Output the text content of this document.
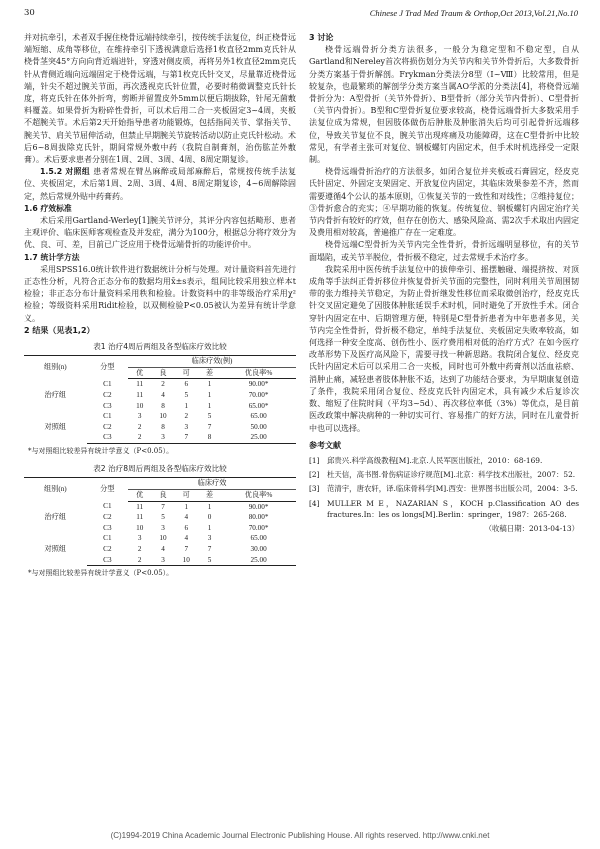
30	Chinese J Trad Med Traum & Orthop,Oct 2013,Vol.21,No.10

并对抗牵引，术者双手握住桡骨远端持续牵引，按传统手法复位，纠正桡骨远端短缩、成角等移位，在维持牵引下透视满意后选择1枚直径2mm克氏针从桡骨茎突45°方向向背近端进针，穿透对侧皮质，再将另外1枚直径2mm克氏针从背侧近端向远端固定于桡骨远端，与第1枚克氏针交叉，尽量靠近桡骨远端，针尖不超过腕关节面，再次透视克氏针位置，必要时稍微调整克氏针长度，将克氏针在体外折弯，剪断并留置皮外5mm以便后期拔除，针尾无菌敷料覆盖。如果骨折为粉碎性骨折，可以术后用二合一夹板固定3~4周，夹板不超腕关节。术后第2天开始指导患者功能锻炼，包括指间关节、掌指关节、腕关节、肩关节屈伸活动，但禁止早期腕关节旋转活动以防止克氏针松动。术后6~8周拔除克氏针，期间常规外敷中药（我院自制膏剂，治伤肱芷外敷膏）。术后要求患者分别在1周、2周、3周、4周、8周定期复诊。

1.5.2 对照组 患者常规在臂丛麻醉或局部麻醉后，常规按传统手法复位、夹板固定，术后第1周、2周、3周、4周、8周定期复诊，4~6周解除固定，然后常规外贴中药膏药。

1.6 疗效标准

术后采用Gartland-Werley[1]腕关节评分，其评分内容包括畸形、患者主观评价、临床医师客观检查及并发症，满分为100分，根据总分将疗效分为优、良、可、差，目前已广泛应用于桡骨远端骨折的功能评价中。

1.7 统计学方法

采用SPSS16.0统计软件进行数据统计分析与处理。对计量资料首先进行正态性分析，凡符合正态分布的数据均用x̄±s表示，组间比较采用独立样本t检验；非正态分布计量资料采用秩和检验。计数资料中的非等级治疗采用χ²检验；等级资料采用Ridit检验，以双侧检验P<0.05被认为差异有统计学意义。

2 结果（见表1,2）
表1 治疗4周后两组及各型临床疗效比较
组别(n)	分型	临床疗效(例)				
		优	良	可	差	优良率%
治疗组	C1	11	2	6	1	90.00*
	C2	11	4	5	1	70.00*
	C3	10	8	1	1	65.00*
对照组	C1	3	10	2	5	65.00
	C2	2	8	3	7	50.00
	C3	2	3	7	8	25.00
*与对照组比较差异有统计学意义（P<0.05）。
表2 治疗8周后两组及各型临床疗效比较
组别(n)	分型	临床疗效				
		优	良	可	差	优良率%
治疗组	C1	11	7	1	1	90.00*
	C2	11	5	4	0	80.00*
	C3	10	3	6	1	70.00*
对照组	C1	3	10	4	3	65.00
	C2	2	4	7	7	30.00
	C3	2	3	10	5	25.00
*与对照组比较差异有统计学意义（P<0.05）。
3 讨论

桡骨远端骨折分类方法很多，一般分为稳定型和不稳定型，自从Gartland和Nereley首次将损伤划分为关节内和关节外骨折后，大多数骨折分类方案基于骨折解剖。Frykman分类法分8型（Ⅰ~Ⅷ）比较常用，但是较复杂，也最繁琐的解剖学分类方案当属AO学派的分类法[4]，将桡骨远端骨折分为：A型骨折（关节外骨折）、B型骨折（部分关节内骨折）、C型骨折（关节内骨折）。B型和C型骨折复位要求较高，桡骨远端骨折大多数采用手法复位成为常规，但因肢体做伤后肿胀及肿胀消失后均可引起骨折远端移位，导致关节复位不良，腕关节出现疼痛及功能障碍，这在C型骨折中比较常见，有学者主张可对复位、钢板螺钉内固定术，但手术时机选择受一定限制。

桡骨远端骨折治疗的方法很多，如闭合复位并夹板或石膏固定，经皮克氏针固定、外固定支架固定、开放复位内固定，其临床效果参差不齐，然而需要遵循4个公认的基本原则，①恢复关节的一致性和对线性；②维持复位；③骨折愈合的充实；④早期功能的恢复。传统复位、钢板螺钉内固定治疗关节内骨折有较好的疗效，但存在创伤大、感染风险高、需2次手术取出内固定及费用相对较高，普遍推广存在一定难度。

桡骨远端C型骨折为关节内完全性骨折，骨折远端明显移位，有的关节面塌陷，或关节半脱位，骨折极不稳定，过去常规手术治疗多。

我院采用中医传统手法复位中的拔伸牵引、摇摆触碰、端提挤按、对顶成角等手法纠正骨折移位并恢复骨折关节面的完整性，同时利用关节周围韧带的张力维持关节稳定，为防止骨折继发性移位而采取微创治疗，经皮克氏针交叉固定避免了因肢体肿胀延误手术时机，同时避免了开放性手术。闭合穿针内固定在中、后期管理方便，特别是C型骨折患者为中年患者多见，关节内完全性骨折，骨折极不稳定，单纯手法复位、夹板固定失败率较高，如何选择一种安全度高、创伤性小、医疗费用相对低的治疗方式？在如今医疗改革形势下及医疗高风险下，需要寻找一种新思路。我院闭合复位、经皮克氏针内固定术后可以采用二合一夹板，同时也可外敷中药膏剂以活血祛瘀、消肿止痛，减轻患者肢体肿胀不适，达到了功能结合要求，为早期康复创造了条件，我院采用闭合复位、经皮克氏针内固定术，具有减少术后复诊次数、缩短了住院时间（平均3~5d）、再次移位率低（3%）等优点，是目前医改政策中解决病种的一种切实可行、容易推广的好方法，同时在儿童骨折中也可以选择。

参考文献
[1]	邱贵兴.科学高级教程[M].北京.人民军医出版社，2010：68-169.
[2]	杜天信，高书图.骨伤病证诊疗规范[M].北京：科学技术出版社，2007：52.
[3]	范清宇，唐农轩，译.临床骨科学[M].西安：世界图书出版公司，2004：3-5.
[4]	MULLER M E，NAZARIAN S，KOCH p.Classification AO des fractures.In：les os longs[M].Berlin：springer，1987：265-268.
（收稿日期：2013-04-13）
(C)1994-2019 China Academic Journal Electronic Publishing House. All rights reserved. http://www.cnki.net
